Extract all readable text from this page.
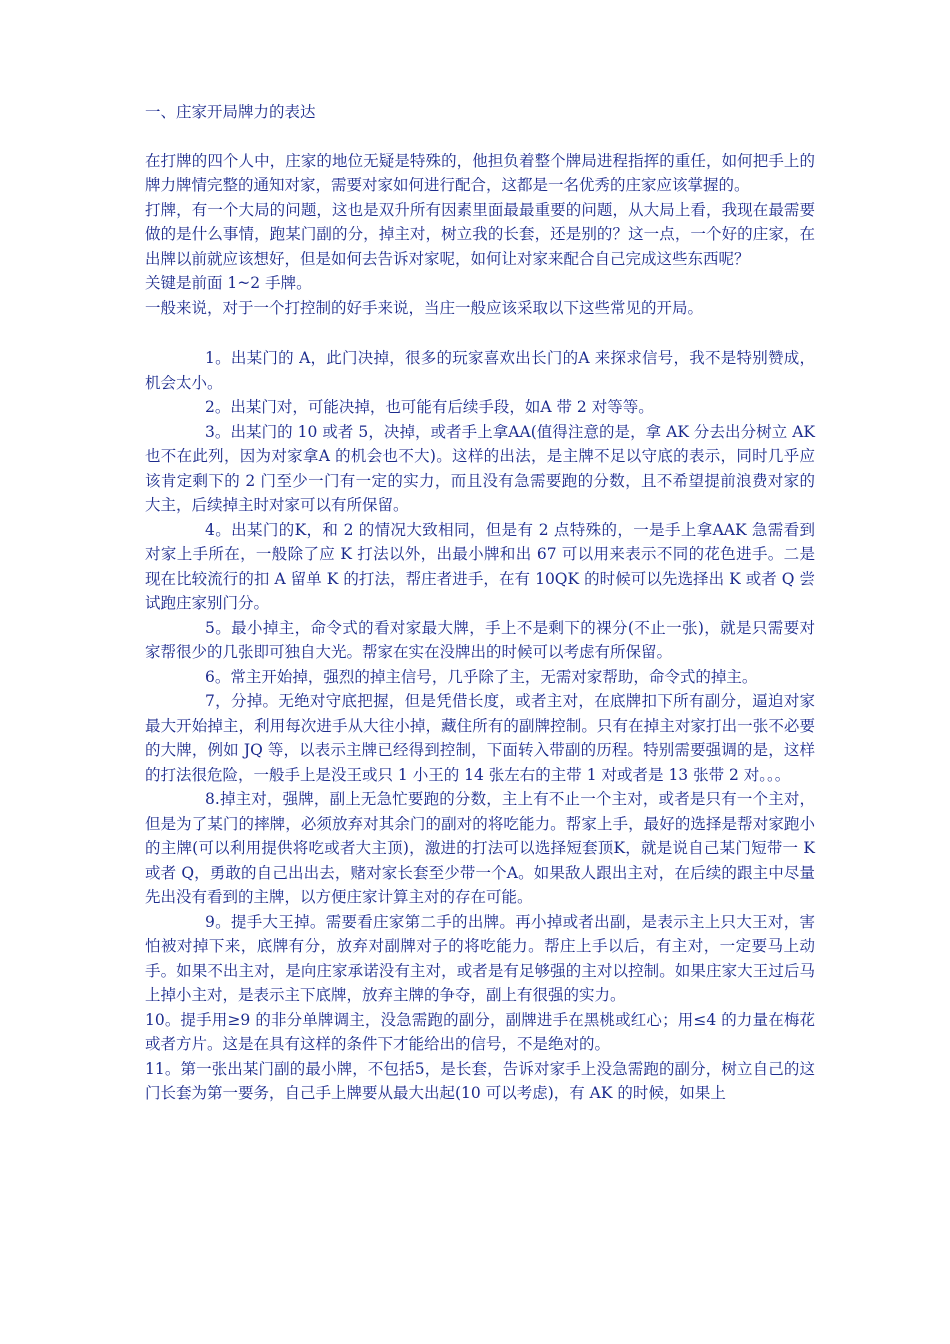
一、庄家开局牌力的表达

在打牌的四个人中，庄家的地位无疑是特殊的，他担负着整个牌局进程指挥的重任，如何把手上的牌力牌情完整的通知对家，需要对家如何进行配合，这都是一名优秀的庄家应该掌握的。

打牌，有一个大局的问题，这也是双升所有因素里面最最重要的问题，从大局上看，我现在最需要做的是什么事情，跑某门副的分，掉主对，树立我的长套，还是别的？这一点，一个好的庄家，在出牌以前就应该想好，但是如何去告诉对家呢，如何让对家来配合自己完成这些东西呢？

关键是前面 1~2 手牌。

一般来说，对于一个打控制的好手来说，当庄一般应该采取以下这些常见的开局。

1。出某门的 A，此门决掉，很多的玩家喜欢出长门的A 来探求信号，我不是特别赞成，机会太小。

2。出某门对，可能决掉，也可能有后续手段，如A 带 2 对等等。

3。出某门的 10 或者 5，决掉，或者手上拿AA(值得注意的是，拿 AK 分去出分树立 AK 也不在此列，因为对家拿A 的机会也不大)。这样的出法，是主牌不足以守底的表示，同时几乎应该肯定剩下的 2 门至少一门有一定的实力，而且没有急需要跑的分数，且不希望提前浪费对家的大主，后续掉主时对家可以有所保留。

4。出某门的K，和 2 的情况大致相同，但是有 2 点特殊的，一是手上拿AAK 急需看到对家上手所在，一般除了应 K 打法以外，出最小牌和出 67 可以用来表示不同的花色进手。二是现在比较流行的扣 A 留单 K 的打法，帮庄者进手，在有 10QK 的时候可以先选择出 K 或者 Q 尝试跑庄家别门分。

5。最小掉主，命令式的看对家最大牌，手上不是剩下的裸分(不止一张)，就是只需要对家帮很少的几张即可独自大光。帮家在实在没牌出的时候可以考虑有所保留。

6。常主开始掉，强烈的掉主信号，几乎除了主，无需对家帮助，命令式的掉主。

7，分掉。无绝对守底把握，但是凭借长度，或者主对，在底牌扣下所有副分，逼迫对家最大开始掉主，利用每次进手从大往小掉，藏住所有的副牌控制。只有在掉主对家打出一张不必要的大牌，例如 JQ 等，以表示主牌已经得到控制，下面转入带副的历程。特别需要强调的是，这样的打法很危险，一般手上是没王或只 1 小王的 14 张左右的主带 1 对或者是 13 张带 2 对。。。

8.掉主对，强牌，副上无急忙要跑的分数，主上有不止一个主对，或者是只有一个主对，但是为了某门的摔牌，必须放弃对其余门的副对的将吃能力。帮家上手，最好的选择是帮对家跑小的主牌(可以利用提供将吃或者大主顶)，激进的打法可以选择短套顶K，就是说自己某门短带一 K 或者 Q，勇敢的自己出出去，赌对家长套至少带一个A。如果敌人跟出主对，在后续的跟主中尽量先出没有看到的主牌，以方便庄家计算主对的存在可能。

9。提手大王掉。需要看庄家第二手的出牌。再小掉或者出副，是表示主上只大王对，害怕被对掉下来，底牌有分，放弃对副牌对子的将吃能力。帮庄上手以后，有主对，一定要马上动手。如果不出主对，是向庄家承诺没有主对，或者是有足够强的主对以控制。如果庄家大王过后马上掉小主对，是表示主下底牌，放弃主牌的争夺，副上有很强的实力。

10。提手用≥9 的非分单牌调主，没急需跑的副分，副牌进手在黑桃或红心；用≤4 的力量在梅花或者方片。这是在具有这样的条件下才能给出的信号，不是绝对的。

11。第一张出某门副的最小牌，不包括5，是长套，告诉对家手上没急需跑的副分，树立自己的这门长套为第一要务，自己手上牌要从最大出起(10 可以考虑)，有 AK 的时候，如果上
